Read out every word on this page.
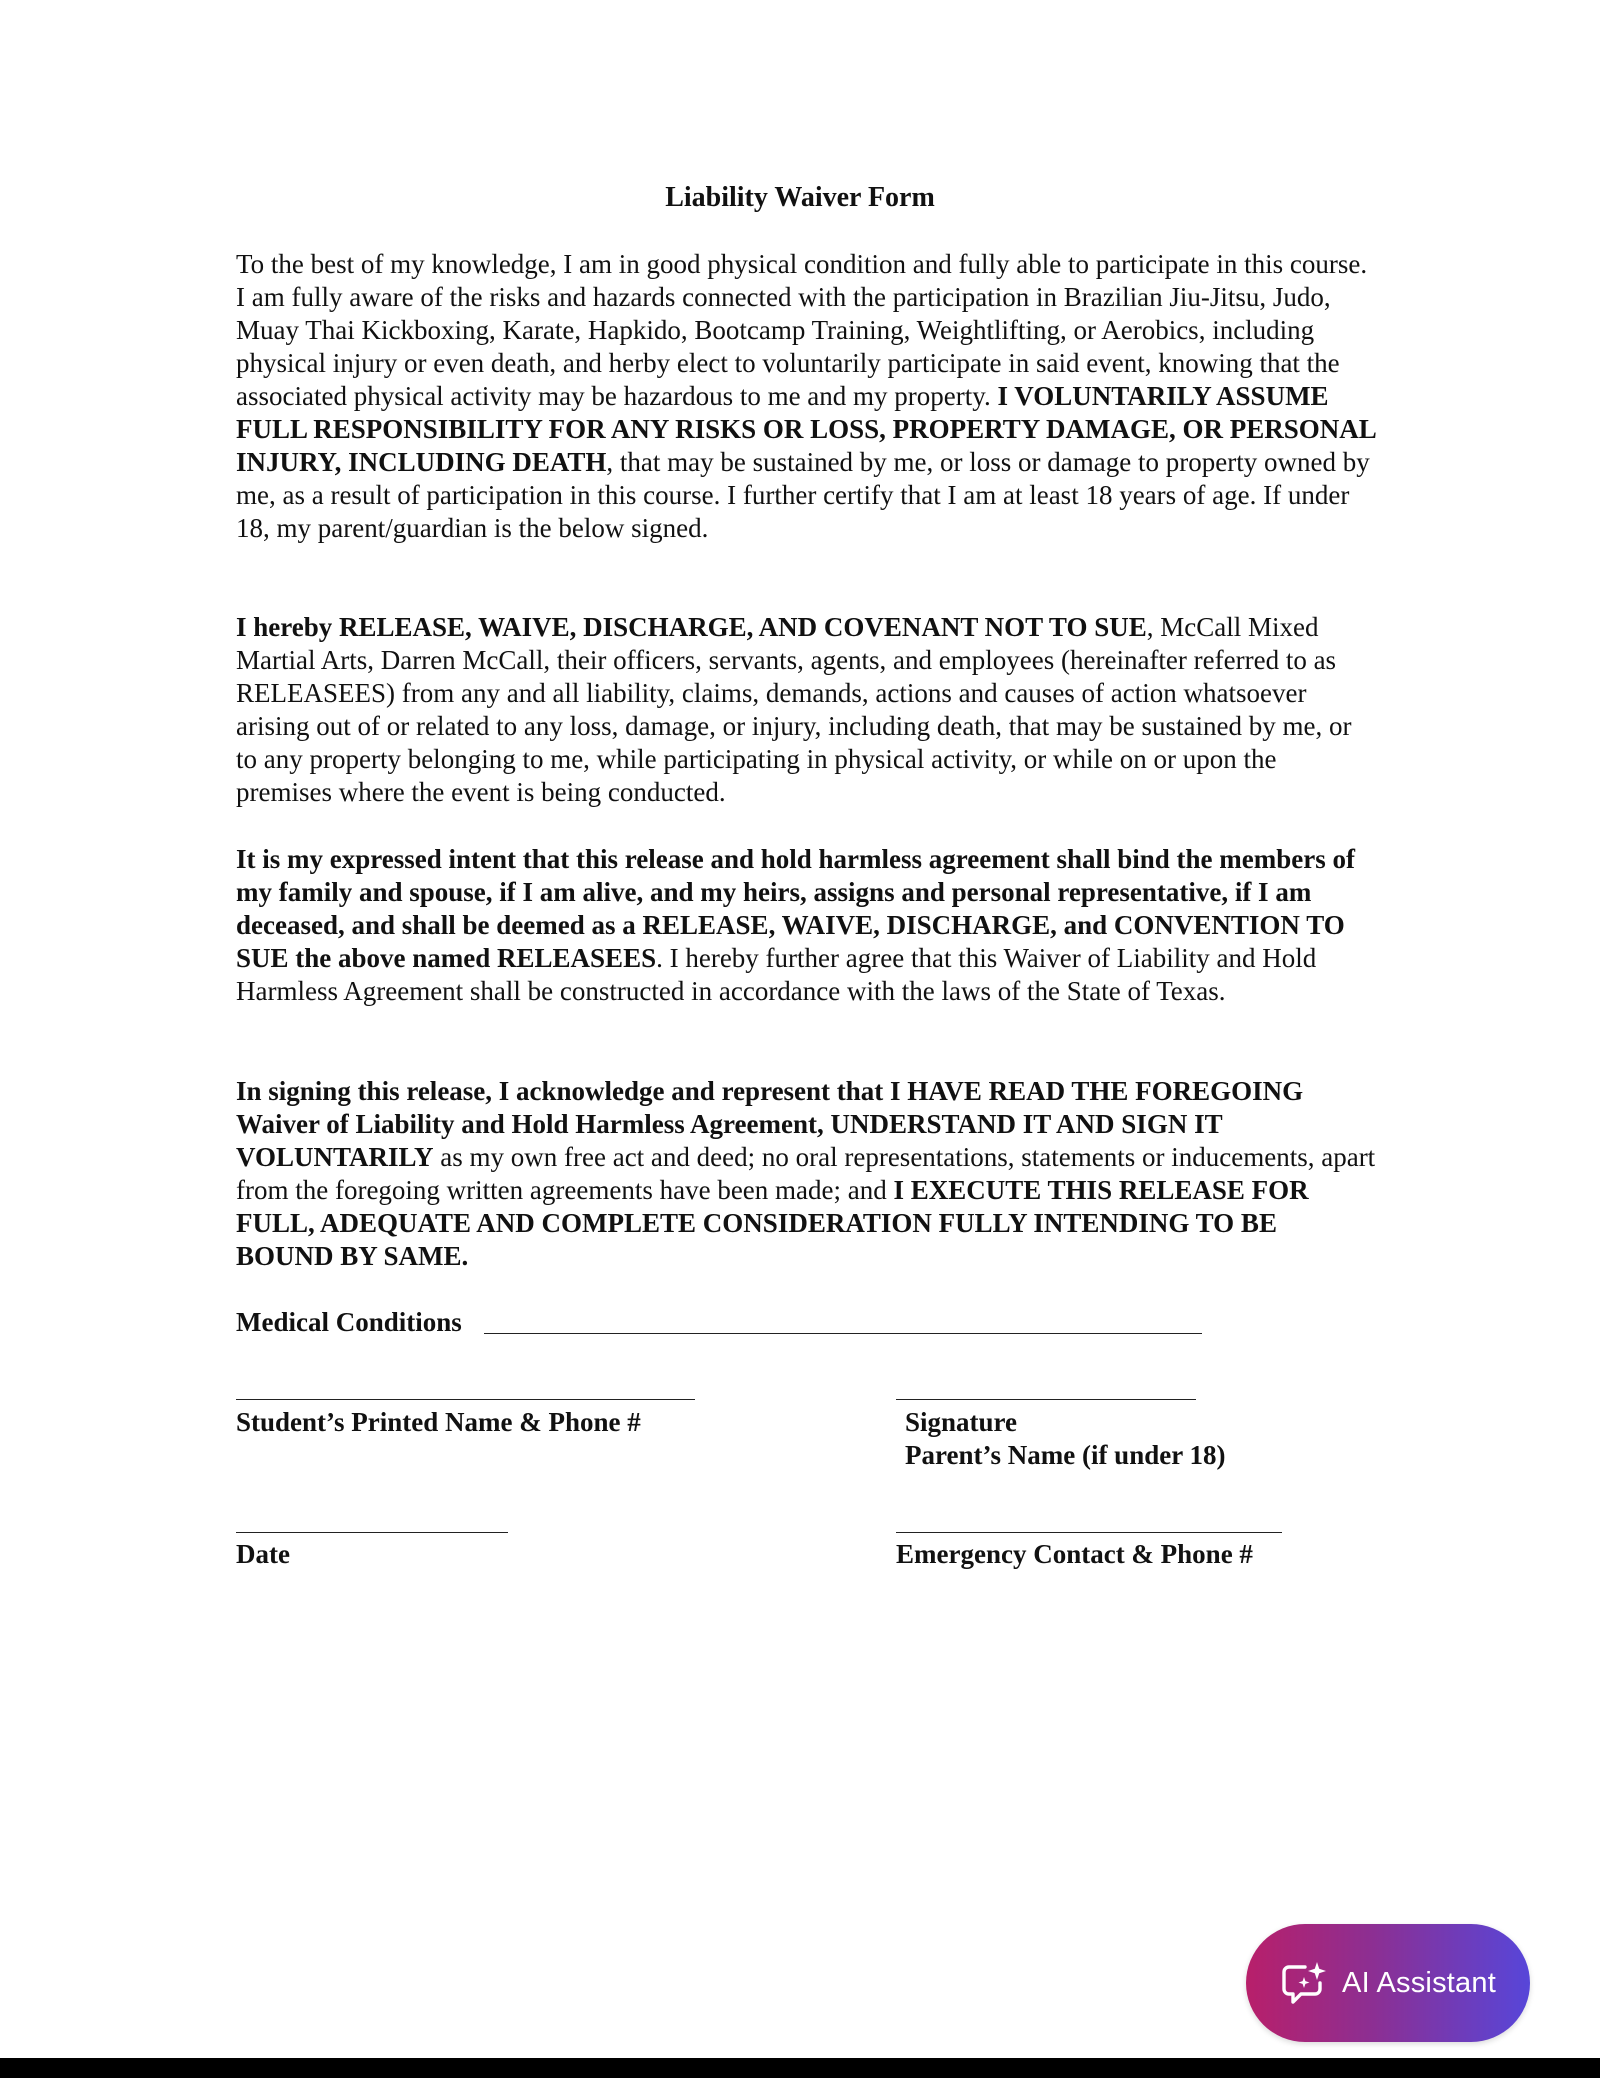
Liability Waiver Form

To the best of my knowledge, I am in good physical condition and fully able to participate in this course. I am fully aware of the risks and hazards connected with the participation in Brazilian Jiu-Jitsu, Judo, Muay Thai Kickboxing, Karate, Hapkido, Bootcamp Training, Weightlifting, or Aerobics, including physical injury or even death, and herby elect to voluntarily participate in said event, knowing that the associated physical activity may be hazardous to me and my property. I VOLUNTARILY ASSUME FULL RESPONSIBILITY FOR ANY RISKS OR LOSS, PROPERTY DAMAGE, OR PERSONAL INJURY, INCLUDING DEATH, that may be sustained by me, or loss or damage to property owned by me, as a result of participation in this course. I further certify that I am at least 18 years of age. If under 18, my parent/guardian is the below signed.

I hereby RELEASE, WAIVE, DISCHARGE, AND COVENANT NOT TO SUE, McCall Mixed Martial Arts, Darren McCall, their officers, servants, agents, and employees (hereinafter referred to as RELEASEES) from any and all liability, claims, demands, actions and causes of action whatsoever arising out of or related to any loss, damage, or injury, including death, that may be sustained by me, or to any property belonging to me, while participating in physical activity, or while on or upon the premises where the event is being conducted.

It is my expressed intent that this release and hold harmless agreement shall bind the members of my family and spouse, if I am alive, and my heirs, assigns and personal representative, if I am deceased, and shall be deemed as a RELEASE, WAIVE, DISCHARGE, and CONVENTION TO SUE the above named RELEASEES. I hereby further agree that this Waiver of Liability and Hold Harmless Agreement shall be constructed in accordance with the laws of the State of Texas.

In signing this release, I acknowledge and represent that I HAVE READ THE FOREGOING Waiver of Liability and Hold Harmless Agreement, UNDERSTAND IT AND SIGN IT VOLUNTARILY as my own free act and deed; no oral representations, statements or inducements, apart from the foregoing written agreements have been made; and I EXECUTE THIS RELEASE FOR FULL, ADEQUATE AND COMPLETE CONSIDERATION FULLY INTENDING TO BE BOUND BY SAME.

Medical Conditions
Student’s Printed Name & Phone #	Signature
Parent’s Name (if under 18)
Date	Emergency Contact & Phone #
AI Assistant
